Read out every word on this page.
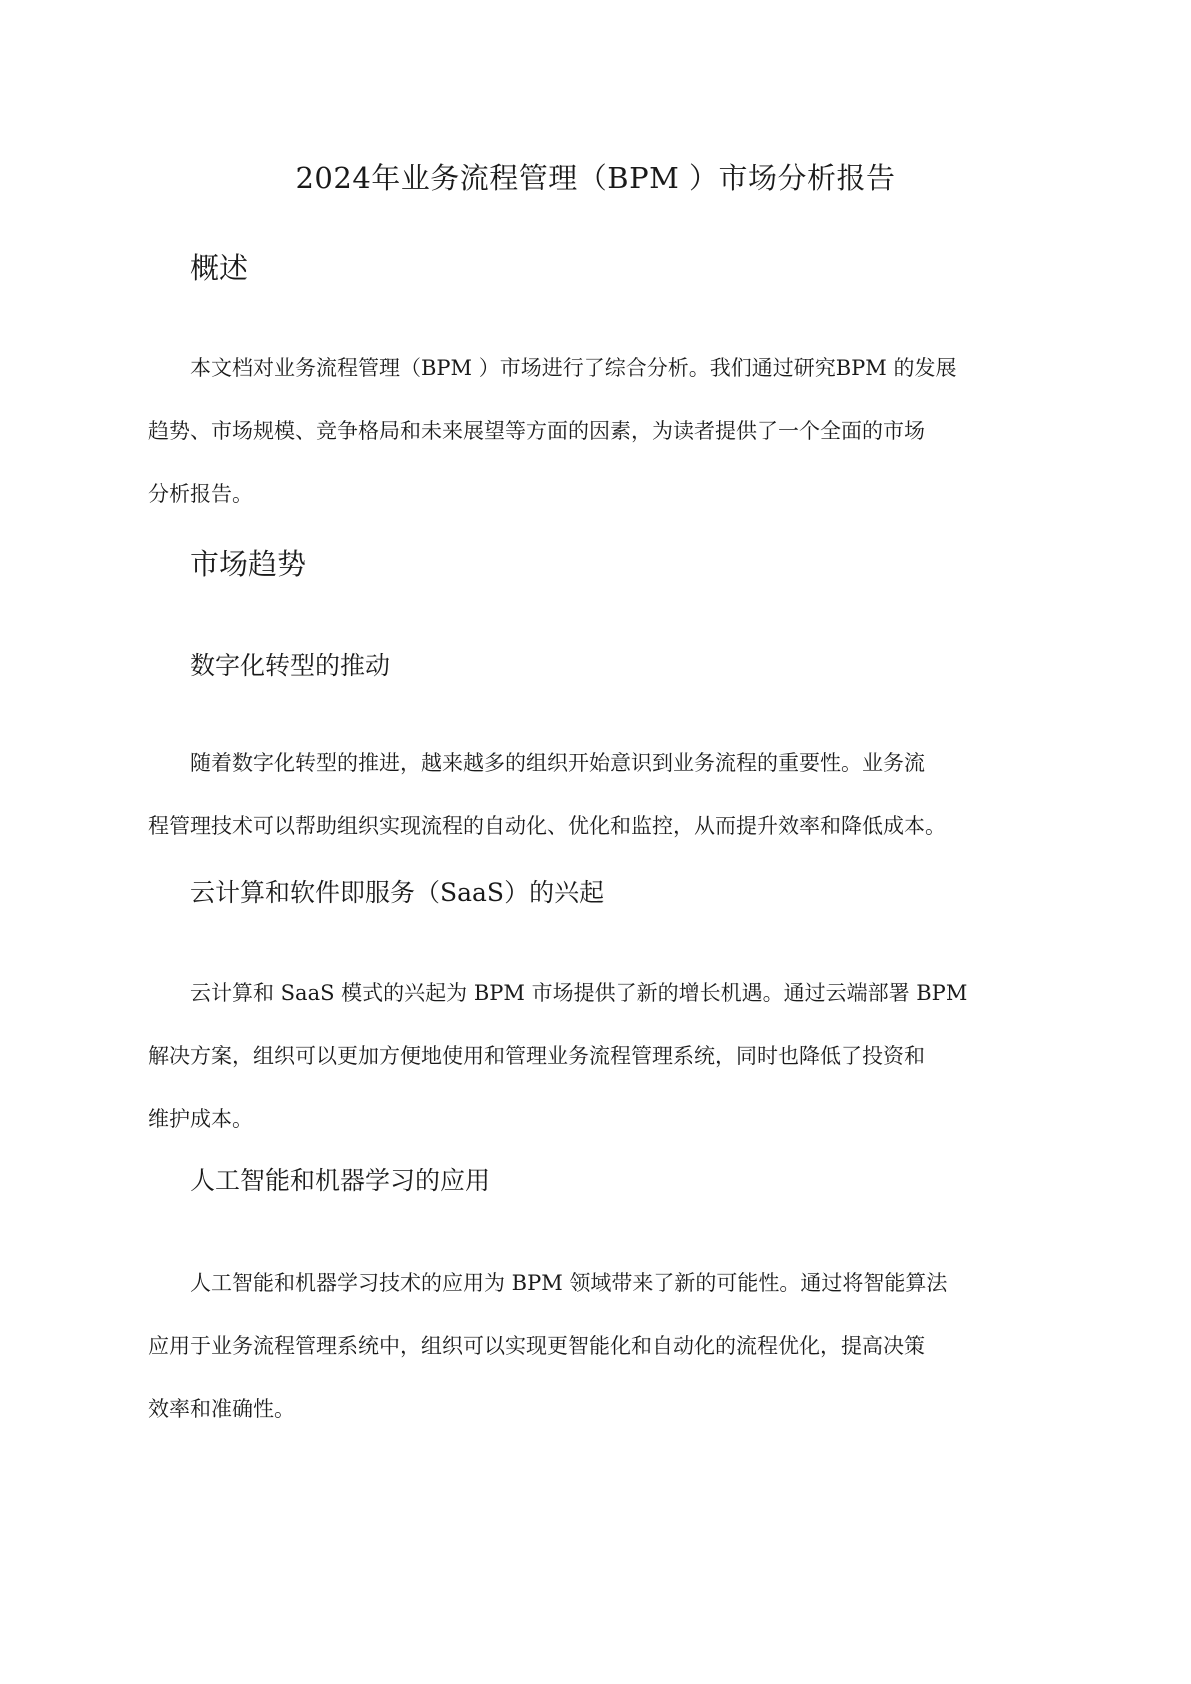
2024年业务流程管理（BPM ）市场分析报告
概述
本文档对业务流程管理（BPM ）市场进行了综合分析。我们通过研究BPM 的发展
趋势、市场规模、竞争格局和未来展望等方面的因素，为读者提供了一个全面的市场
分析报告。
市场趋势
数字化转型的推动
随着数字化转型的推进，越来越多的组织开始意识到业务流程的重要性。业务流
程管理技术可以帮助组织实现流程的自动化、优化和监控，从而提升效率和降低成本。
云计算和软件即服务（SaaS）的兴起
云计算和 SaaS 模式的兴起为 BPM 市场提供了新的增长机遇。通过云端部署 BPM
解决方案，组织可以更加方便地使用和管理业务流程管理系统，同时也降低了投资和
维护成本。
人工智能和机器学习的应用
人工智能和机器学习技术的应用为 BPM 领域带来了新的可能性。通过将智能算法
应用于业务流程管理系统中，组织可以实现更智能化和自动化的流程优化，提高决策
效率和准确性。
